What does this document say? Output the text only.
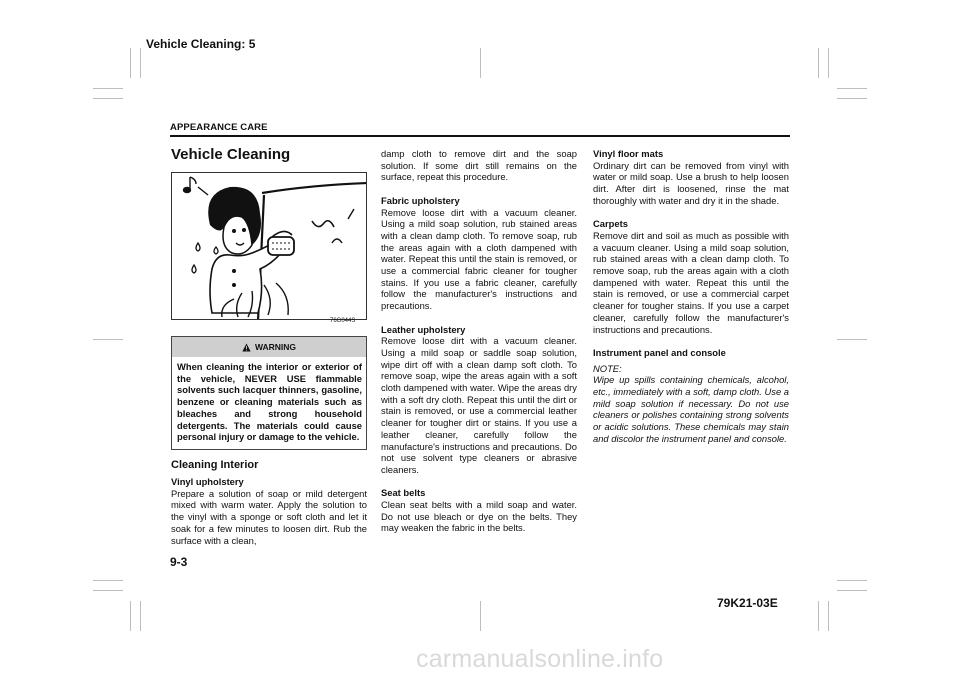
Vehicle Cleaning: 5
APPEARANCE CARE
Vehicle Cleaning
76G044S
WARNING
When cleaning the interior or exterior of the vehicle, NEVER USE flammable solvents such lacquer thinners, gasoline, benzene or cleaning materials such as bleaches and strong household detergents. The materials could cause personal injury or damage to the vehicle.
Cleaning Interior
Vinyl upholstery
Prepare a solution of soap or mild detergent mixed with warm water. Apply the solution to the vinyl with a sponge or soft cloth and let it soak for a few minutes to loosen dirt. Rub the surface with a clean,
damp cloth to remove dirt and the soap solution. If some dirt still remains on the surface, repeat this procedure.
Fabric upholstery
Remove loose dirt with a vacuum cleaner. Using a mild soap solution, rub stained areas with a clean damp cloth. To remove soap, rub the areas again with a cloth dampened with water. Repeat this until the stain is removed, or use a commercial fabric cleaner for tougher stains. If you use a fabric cleaner, carefully follow the manufacturer's instructions and precautions.
Leather upholstery
Remove loose dirt with a vacuum cleaner. Using a mild soap or saddle soap solution, wipe dirt off with a clean damp soft cloth. To remove soap, wipe the areas again with a soft cloth dampened with water. Wipe the areas dry with a soft dry cloth. Repeat this until the dirt or stain is removed, or use a commercial leather cleaner for tougher dirt or stains. If you use a leather cleaner, carefully follow the manufacture's instructions and precautions. Do not use solvent type cleaners or abrasive cleaners.
Seat belts
Clean seat belts with a mild soap and water. Do not use bleach or dye on the belts. They may weaken the fabric in the belts.
Vinyl floor mats
Ordinary dirt can be removed from vinyl with water or mild soap. Use a brush to help loosen dirt. After dirt is loosened, rinse the mat thoroughly with water and dry it in the shade.
Carpets
Remove dirt and soil as much as possible with a vacuum cleaner. Using a mild soap solution, rub stained areas with a clean damp cloth. To remove soap, rub the areas again with a cloth dampened with water. Repeat this until the stain is removed, or use a commercial carpet cleaner for tougher stains. If you use a carpet cleaner, carefully follow the manufacturer's instructions and precautions.
Instrument panel and console
NOTE:
Wipe up spills containing chemicals, alcohol, etc., immediately with a soft, damp cloth. Use a mild soap solution if necessary. Do not use cleaners or polishes containing strong solvents or acidic solutions. These chemicals may stain and discolor the instrument panel and console.
9-3
79K21-03E
carmanualsonline.info
